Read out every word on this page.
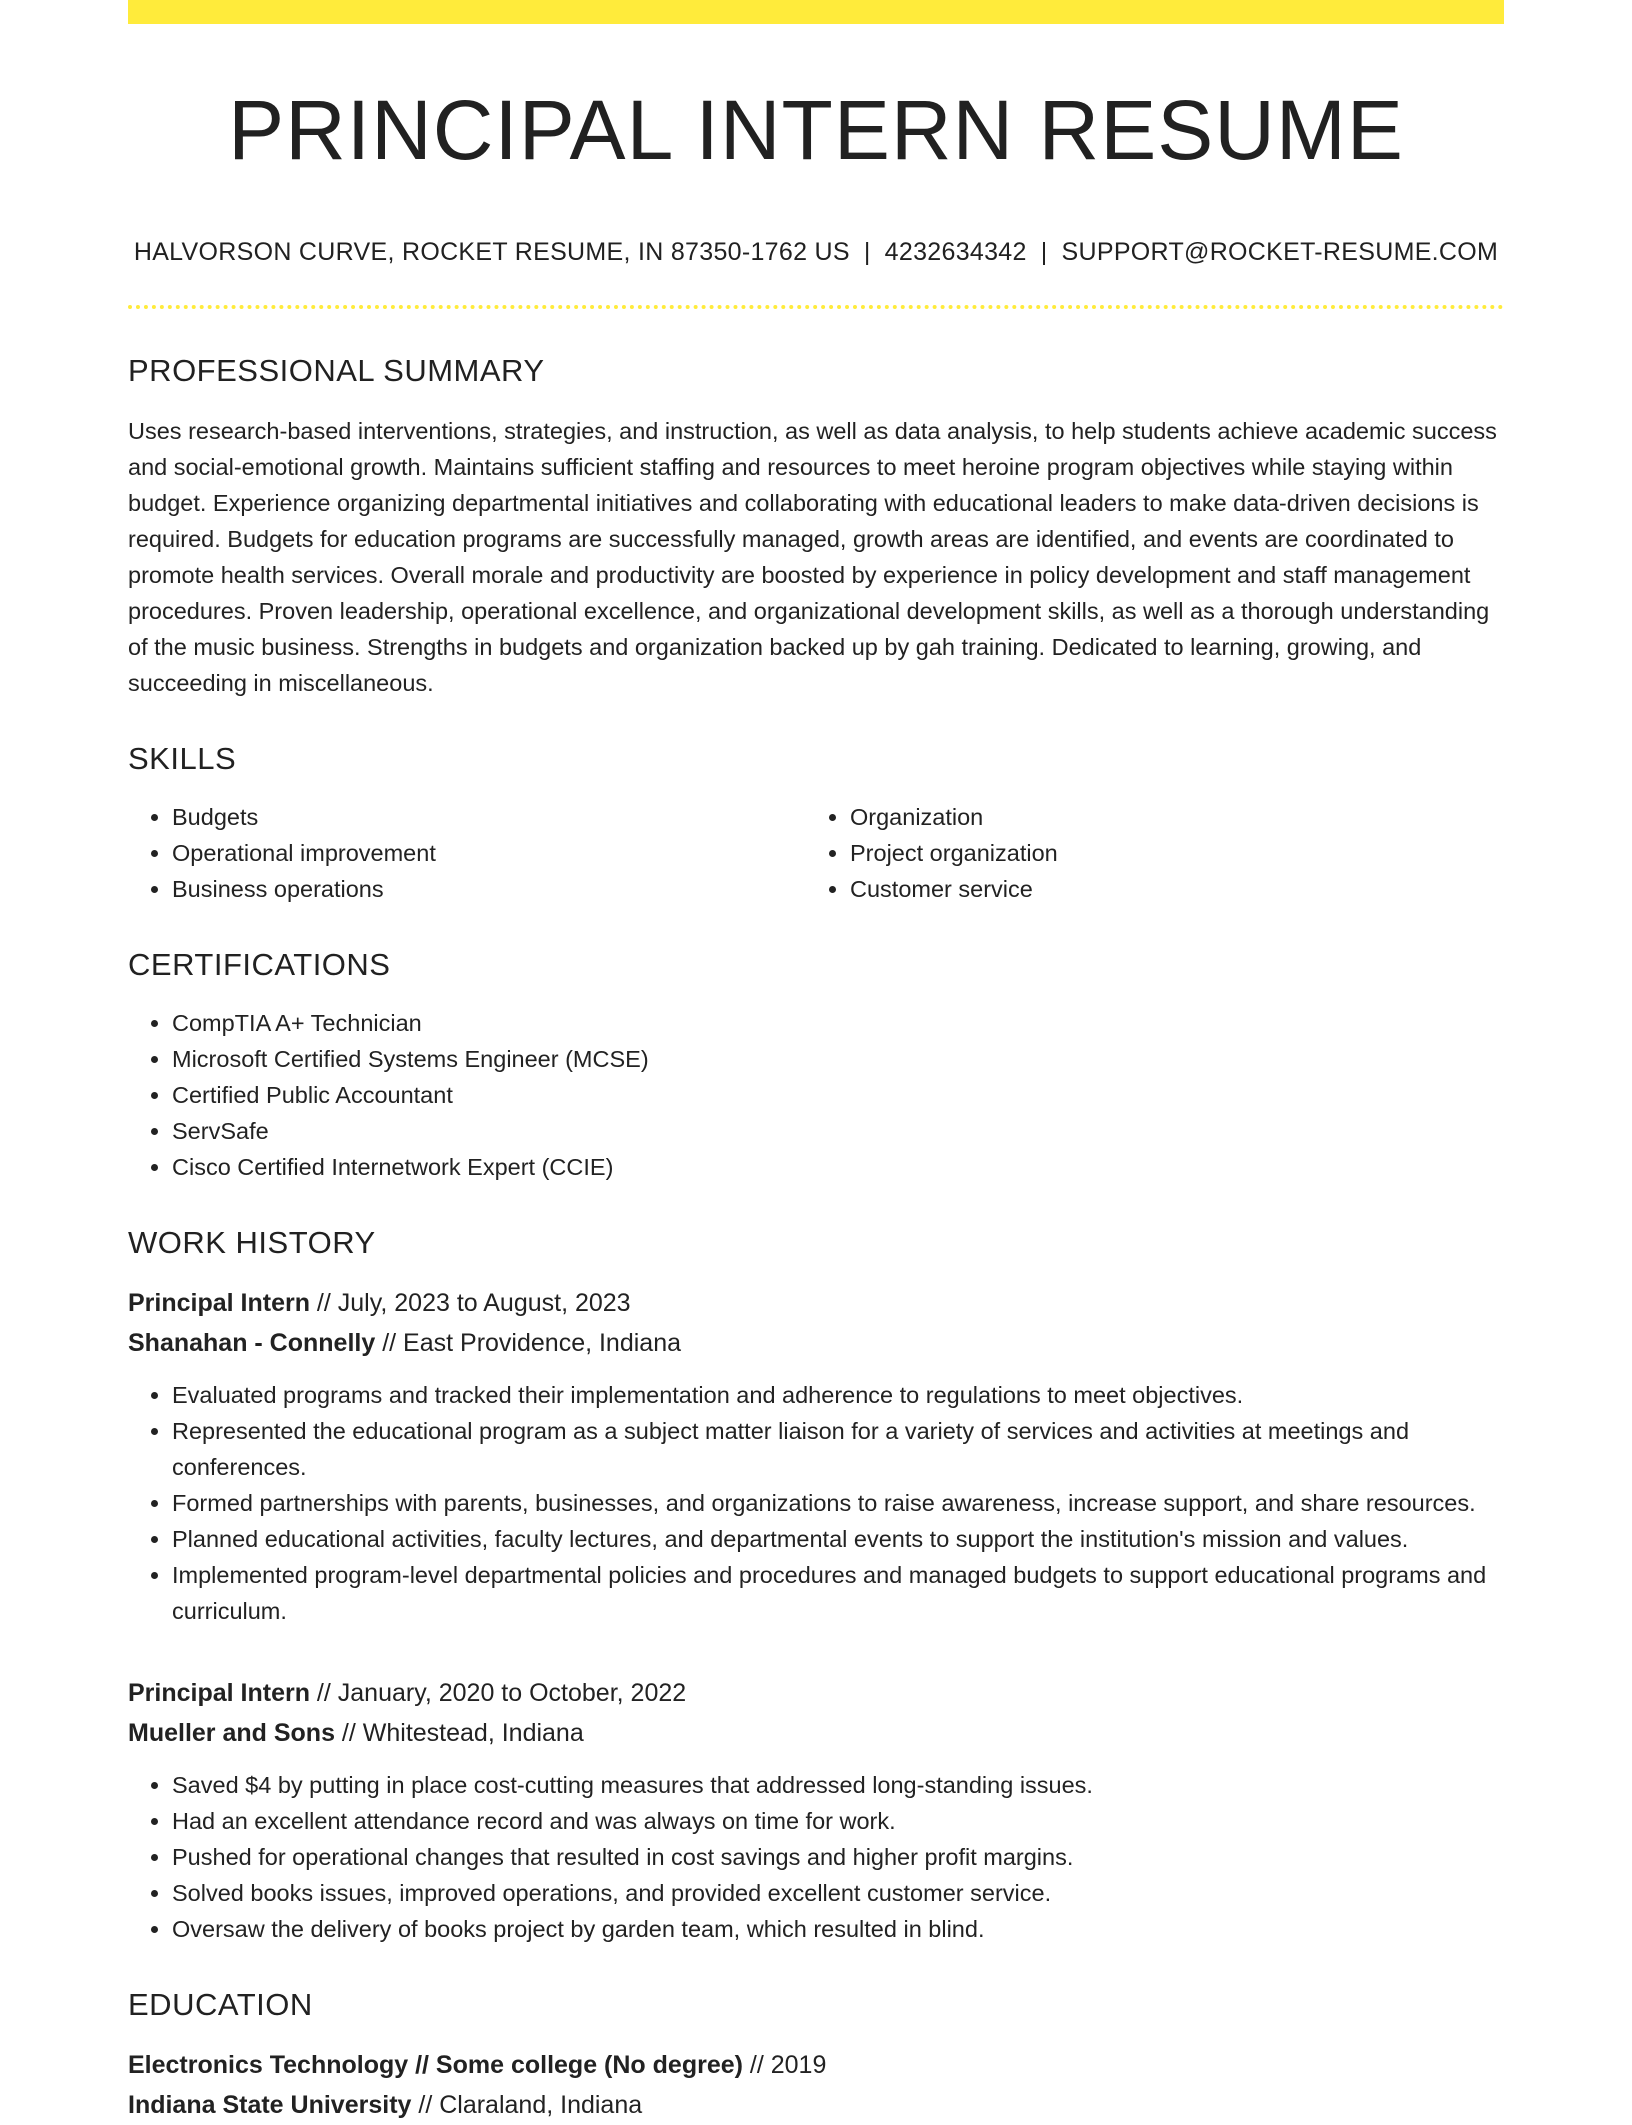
PRINCIPAL INTERN RESUME
HALVORSON CURVE, ROCKET RESUME, IN 87350-1762 US | 4232634342 | SUPPORT@ROCKET-RESUME.COM
PROFESSIONAL SUMMARY
Uses research-based interventions, strategies, and instruction, as well as data analysis, to help students achieve academic success and social-emotional growth. Maintains sufficient staffing and resources to meet heroine program objectives while staying within budget. Experience organizing departmental initiatives and collaborating with educational leaders to make data-driven decisions is required. Budgets for education programs are successfully managed, growth areas are identified, and events are coordinated to promote health services. Overall morale and productivity are boosted by experience in policy development and staff management procedures. Proven leadership, operational excellence, and organizational development skills, as well as a thorough understanding of the music business. Strengths in budgets and organization backed up by gah training. Dedicated to learning, growing, and succeeding in miscellaneous.
SKILLS
• Budgets
• Operational improvement
• Business operations
• Organization
• Project organization
• Customer service
CERTIFICATIONS
• CompTIA A+ Technician
• Microsoft Certified Systems Engineer (MCSE)
• Certified Public Accountant
• ServSafe
• Cisco Certified Internetwork Expert (CCIE)
WORK HISTORY
Principal Intern // July, 2023 to August, 2023
Shanahan - Connelly // East Providence, Indiana
• Evaluated programs and tracked their implementation and adherence to regulations to meet objectives.
• Represented the educational program as a subject matter liaison for a variety of services and activities at meetings and conferences.
• Formed partnerships with parents, businesses, and organizations to raise awareness, increase support, and share resources.
• Planned educational activities, faculty lectures, and departmental events to support the institution's mission and values.
• Implemented program-level departmental policies and procedures and managed budgets to support educational programs and curriculum.
Principal Intern // January, 2020 to October, 2022
Mueller and Sons // Whitestead, Indiana
• Saved $4 by putting in place cost-cutting measures that addressed long-standing issues.
• Had an excellent attendance record and was always on time for work.
• Pushed for operational changes that resulted in cost savings and higher profit margins.
• Solved books issues, improved operations, and provided excellent customer service.
• Oversaw the delivery of books project by garden team, which resulted in blind.
EDUCATION
Electronics Technology // Some college (No degree) // 2019
Indiana State University // Claraland, Indiana
